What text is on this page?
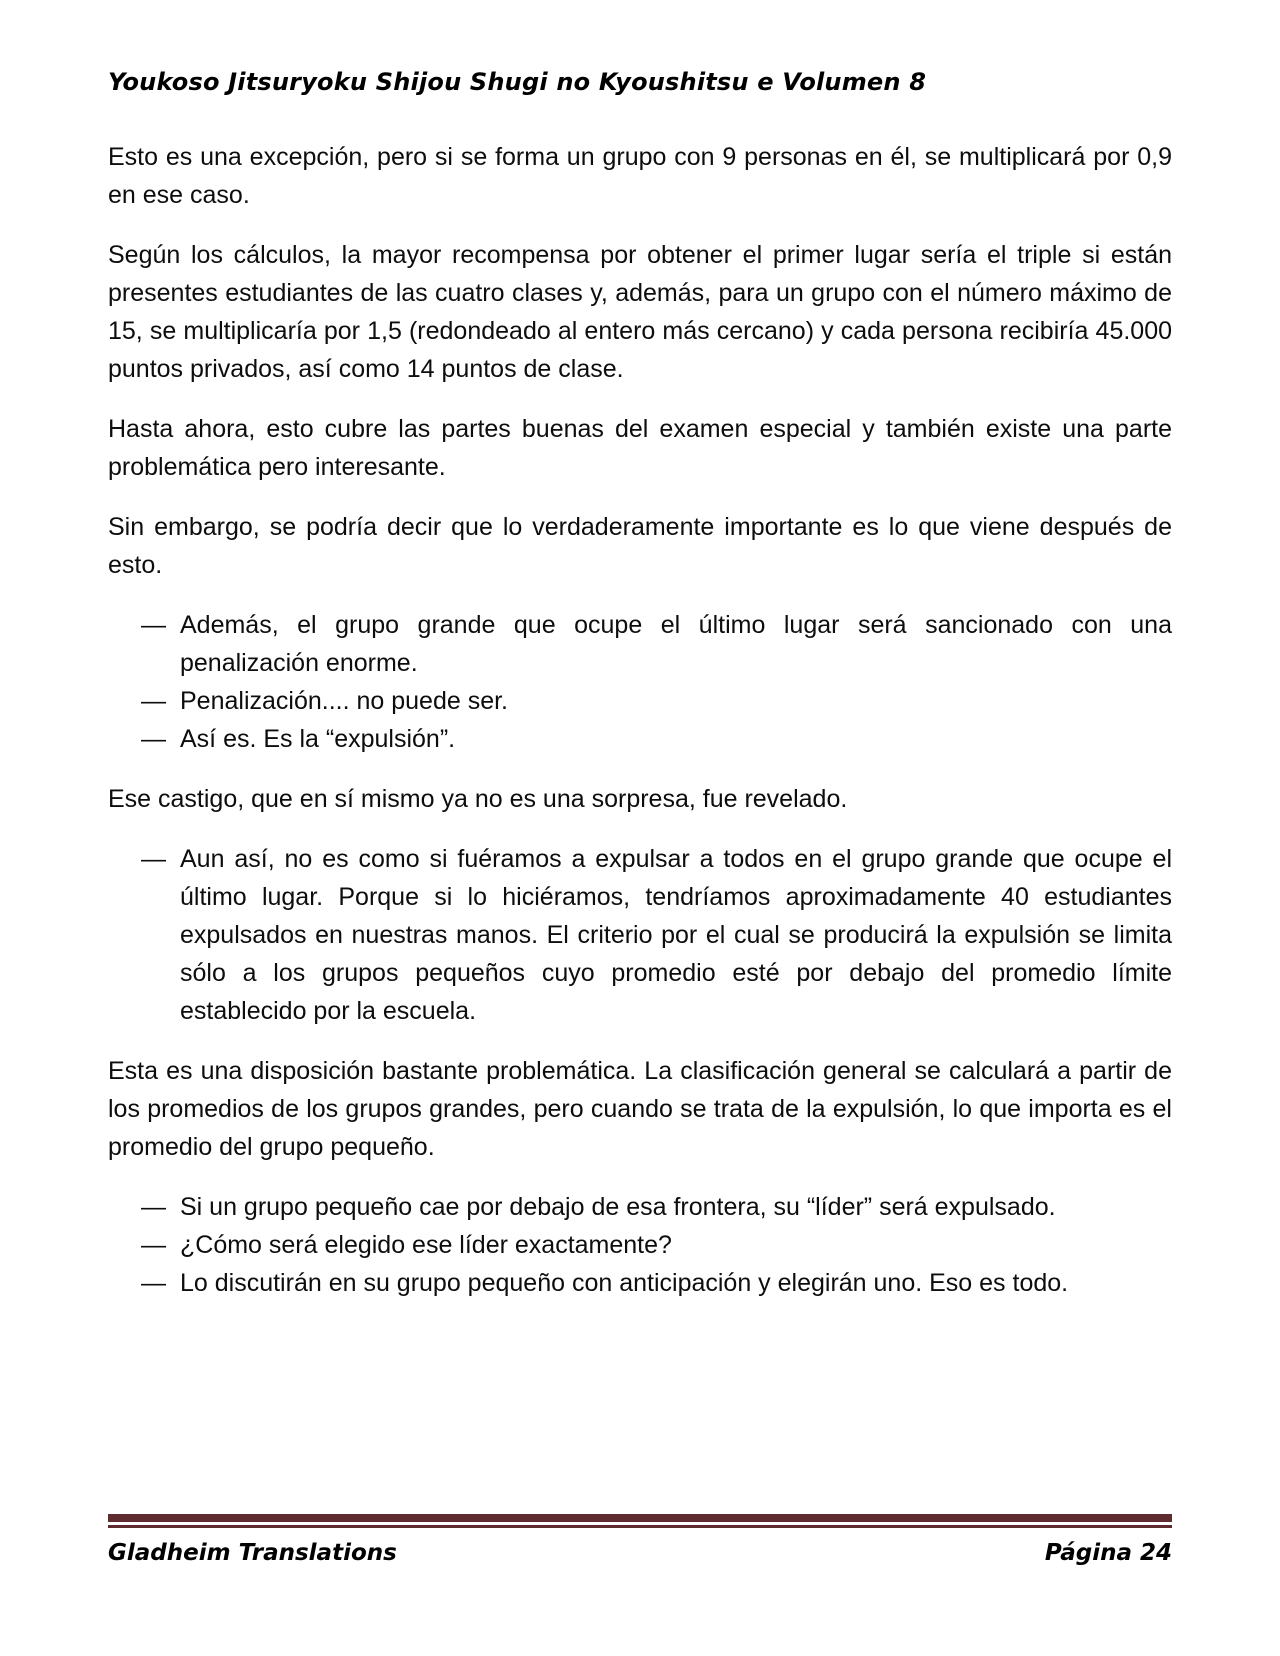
Youkoso Jitsuryoku Shijou Shugi no Kyoushitsu e Volumen 8

Esto es una excepción, pero si se forma un grupo con 9 personas en él, se multiplicará por 0,9 en ese caso.

Según los cálculos, la mayor recompensa por obtener el primer lugar sería el triple si están presentes estudiantes de las cuatro clases y, además, para un grupo con el número máximo de 15, se multiplicaría por 1,5 (redondeado al entero más cercano) y cada persona recibiría 45.000 puntos privados, así como 14 puntos de clase.

Hasta ahora, esto cubre las partes buenas del examen especial y también existe una parte problemática pero interesante.

Sin embargo, se podría decir que lo verdaderamente importante es lo que viene después de esto.

— Además, el grupo grande que ocupe el último lugar será sancionado con una penalización enorme.
— Penalización.... no puede ser.
— Así es. Es la “expulsión”.

Ese castigo, que en sí mismo ya no es una sorpresa, fue revelado.

— Aun así, no es como si fuéramos a expulsar a todos en el grupo grande que ocupe el último lugar. Porque si lo hiciéramos, tendríamos aproximadamente 40 estudiantes expulsados en nuestras manos. El criterio por el cual se producirá la expulsión se limita sólo a los grupos pequeños cuyo promedio esté por debajo del promedio límite establecido por la escuela.

Esta es una disposición bastante problemática. La clasificación general se calculará a partir de los promedios de los grupos grandes, pero cuando se trata de la expulsión, lo que importa es el promedio del grupo pequeño.

— Si un grupo pequeño cae por debajo de esa frontera, su “líder” será expulsado.
— ¿Cómo será elegido ese líder exactamente?
— Lo discutirán en su grupo pequeño con anticipación y elegirán uno. Eso es todo.
Gladheim Translations	Página 24
